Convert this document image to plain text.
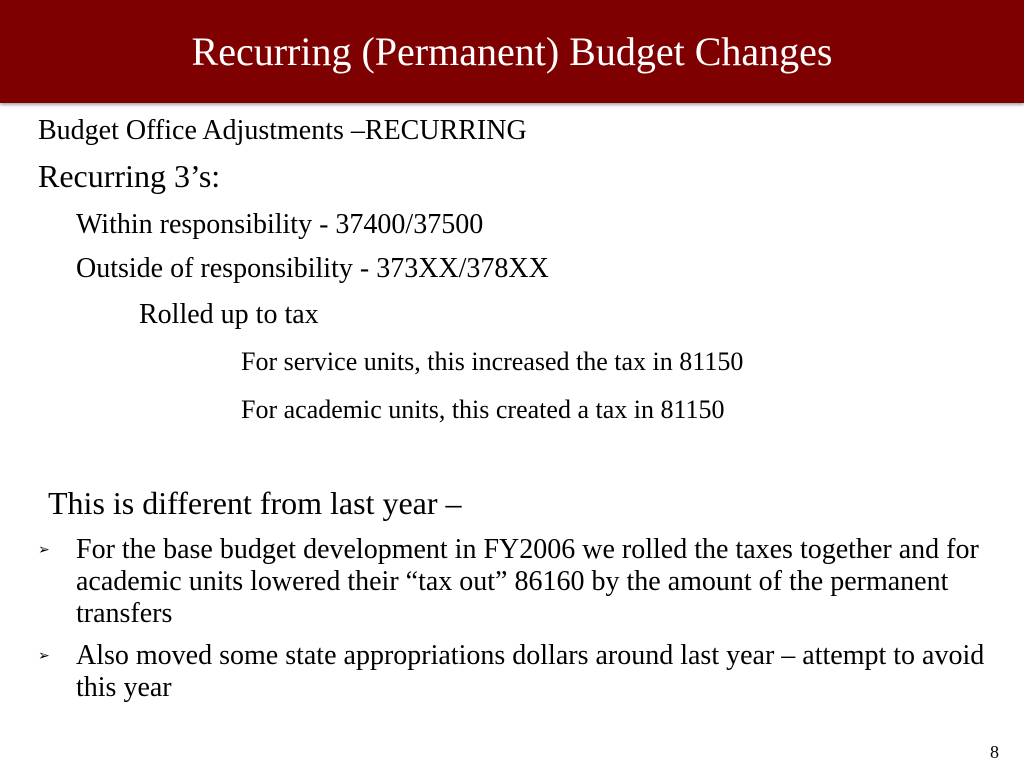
Recurring (Permanent) Budget Changes
Budget Office Adjustments –RECURRING
Recurring 3’s:
Within responsibility - 37400/37500
Outside of responsibility - 373XX/378XX
Rolled up to tax
For service units, this increased the tax in 81150
For academic units, this created a tax in 81150
This is different from last year –
➢ For the base budget development in FY2006 we rolled the taxes together and for academic units lowered their “tax out” 86160 by the amount of the permanent transfers
➢ Also moved some state appropriations dollars around last year – attempt to avoid this year
8
